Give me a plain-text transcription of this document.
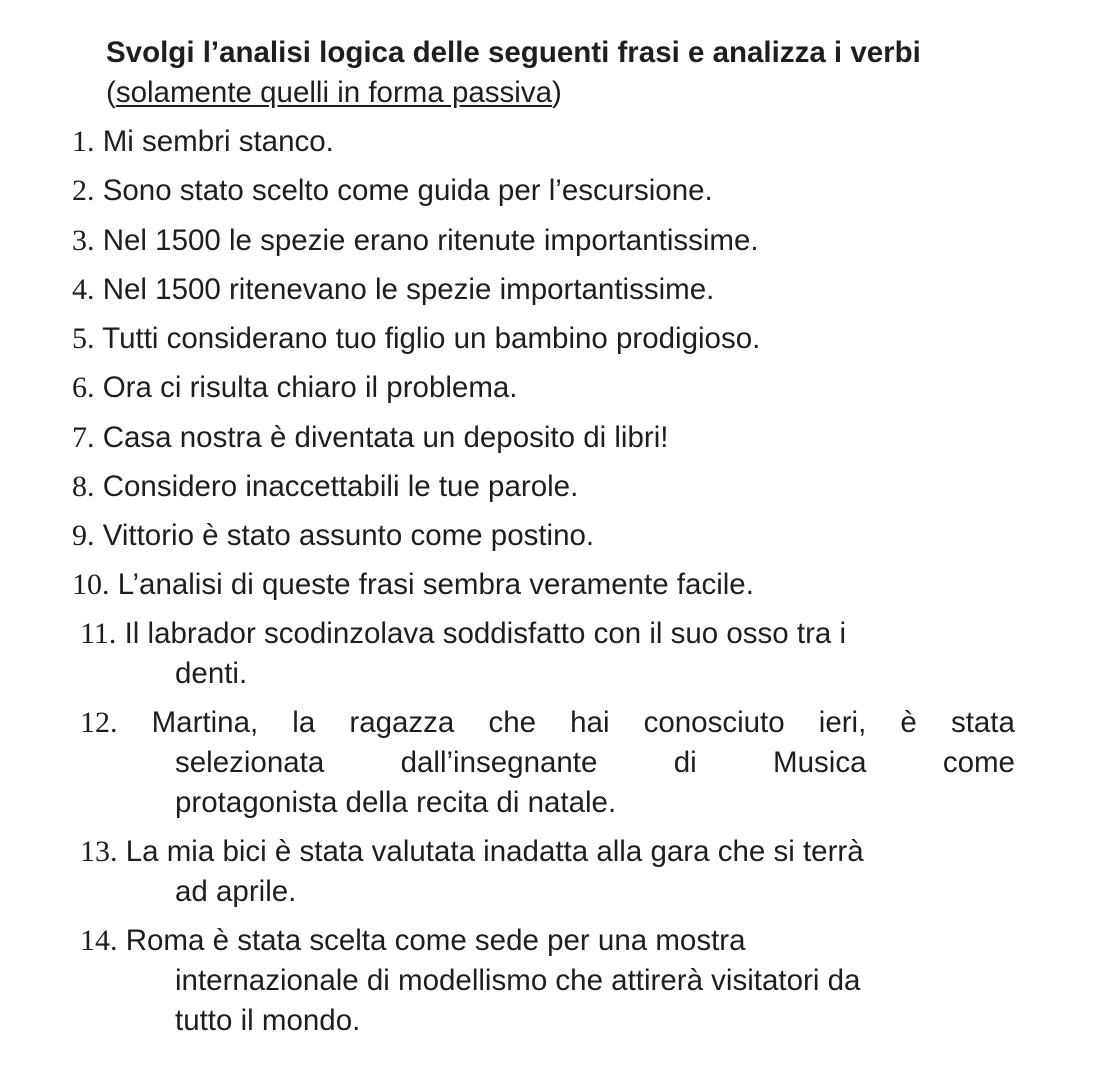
Svolgi l’analisi logica delle seguenti frasi e analizza i verbi (solamente quelli in forma passiva)

1. Mi sembri stanco.

2. Sono stato scelto come guida per l’escursione.

3. Nel 1500 le spezie erano ritenute importantissime.

4. Nel 1500 ritenevano le spezie importantissime.

5. Tutti considerano tuo figlio un bambino prodigioso.

6. Ora ci risulta chiaro il problema.

7. Casa nostra è diventata un deposito di libri!

8. Considero inaccettabili le tue parole.

9. Vittorio è stato assunto come postino.

10. L’analisi di queste frasi sembra veramente facile.

11. Il labrador scodinzolava soddisfatto con il suo osso tra i

denti.

12. Martina, la ragazza che hai conosciuto ieri, è stata
selezionata	dall’insegnante	di	Musica	come

protagonista della recita di natale.

13. La mia bici è stata valutata inadatta alla gara che si terrà

ad aprile.

14. Roma è stata scelta come sede per una mostra

internazionale di modellismo che attirerà visitatori da

tutto il mondo.
